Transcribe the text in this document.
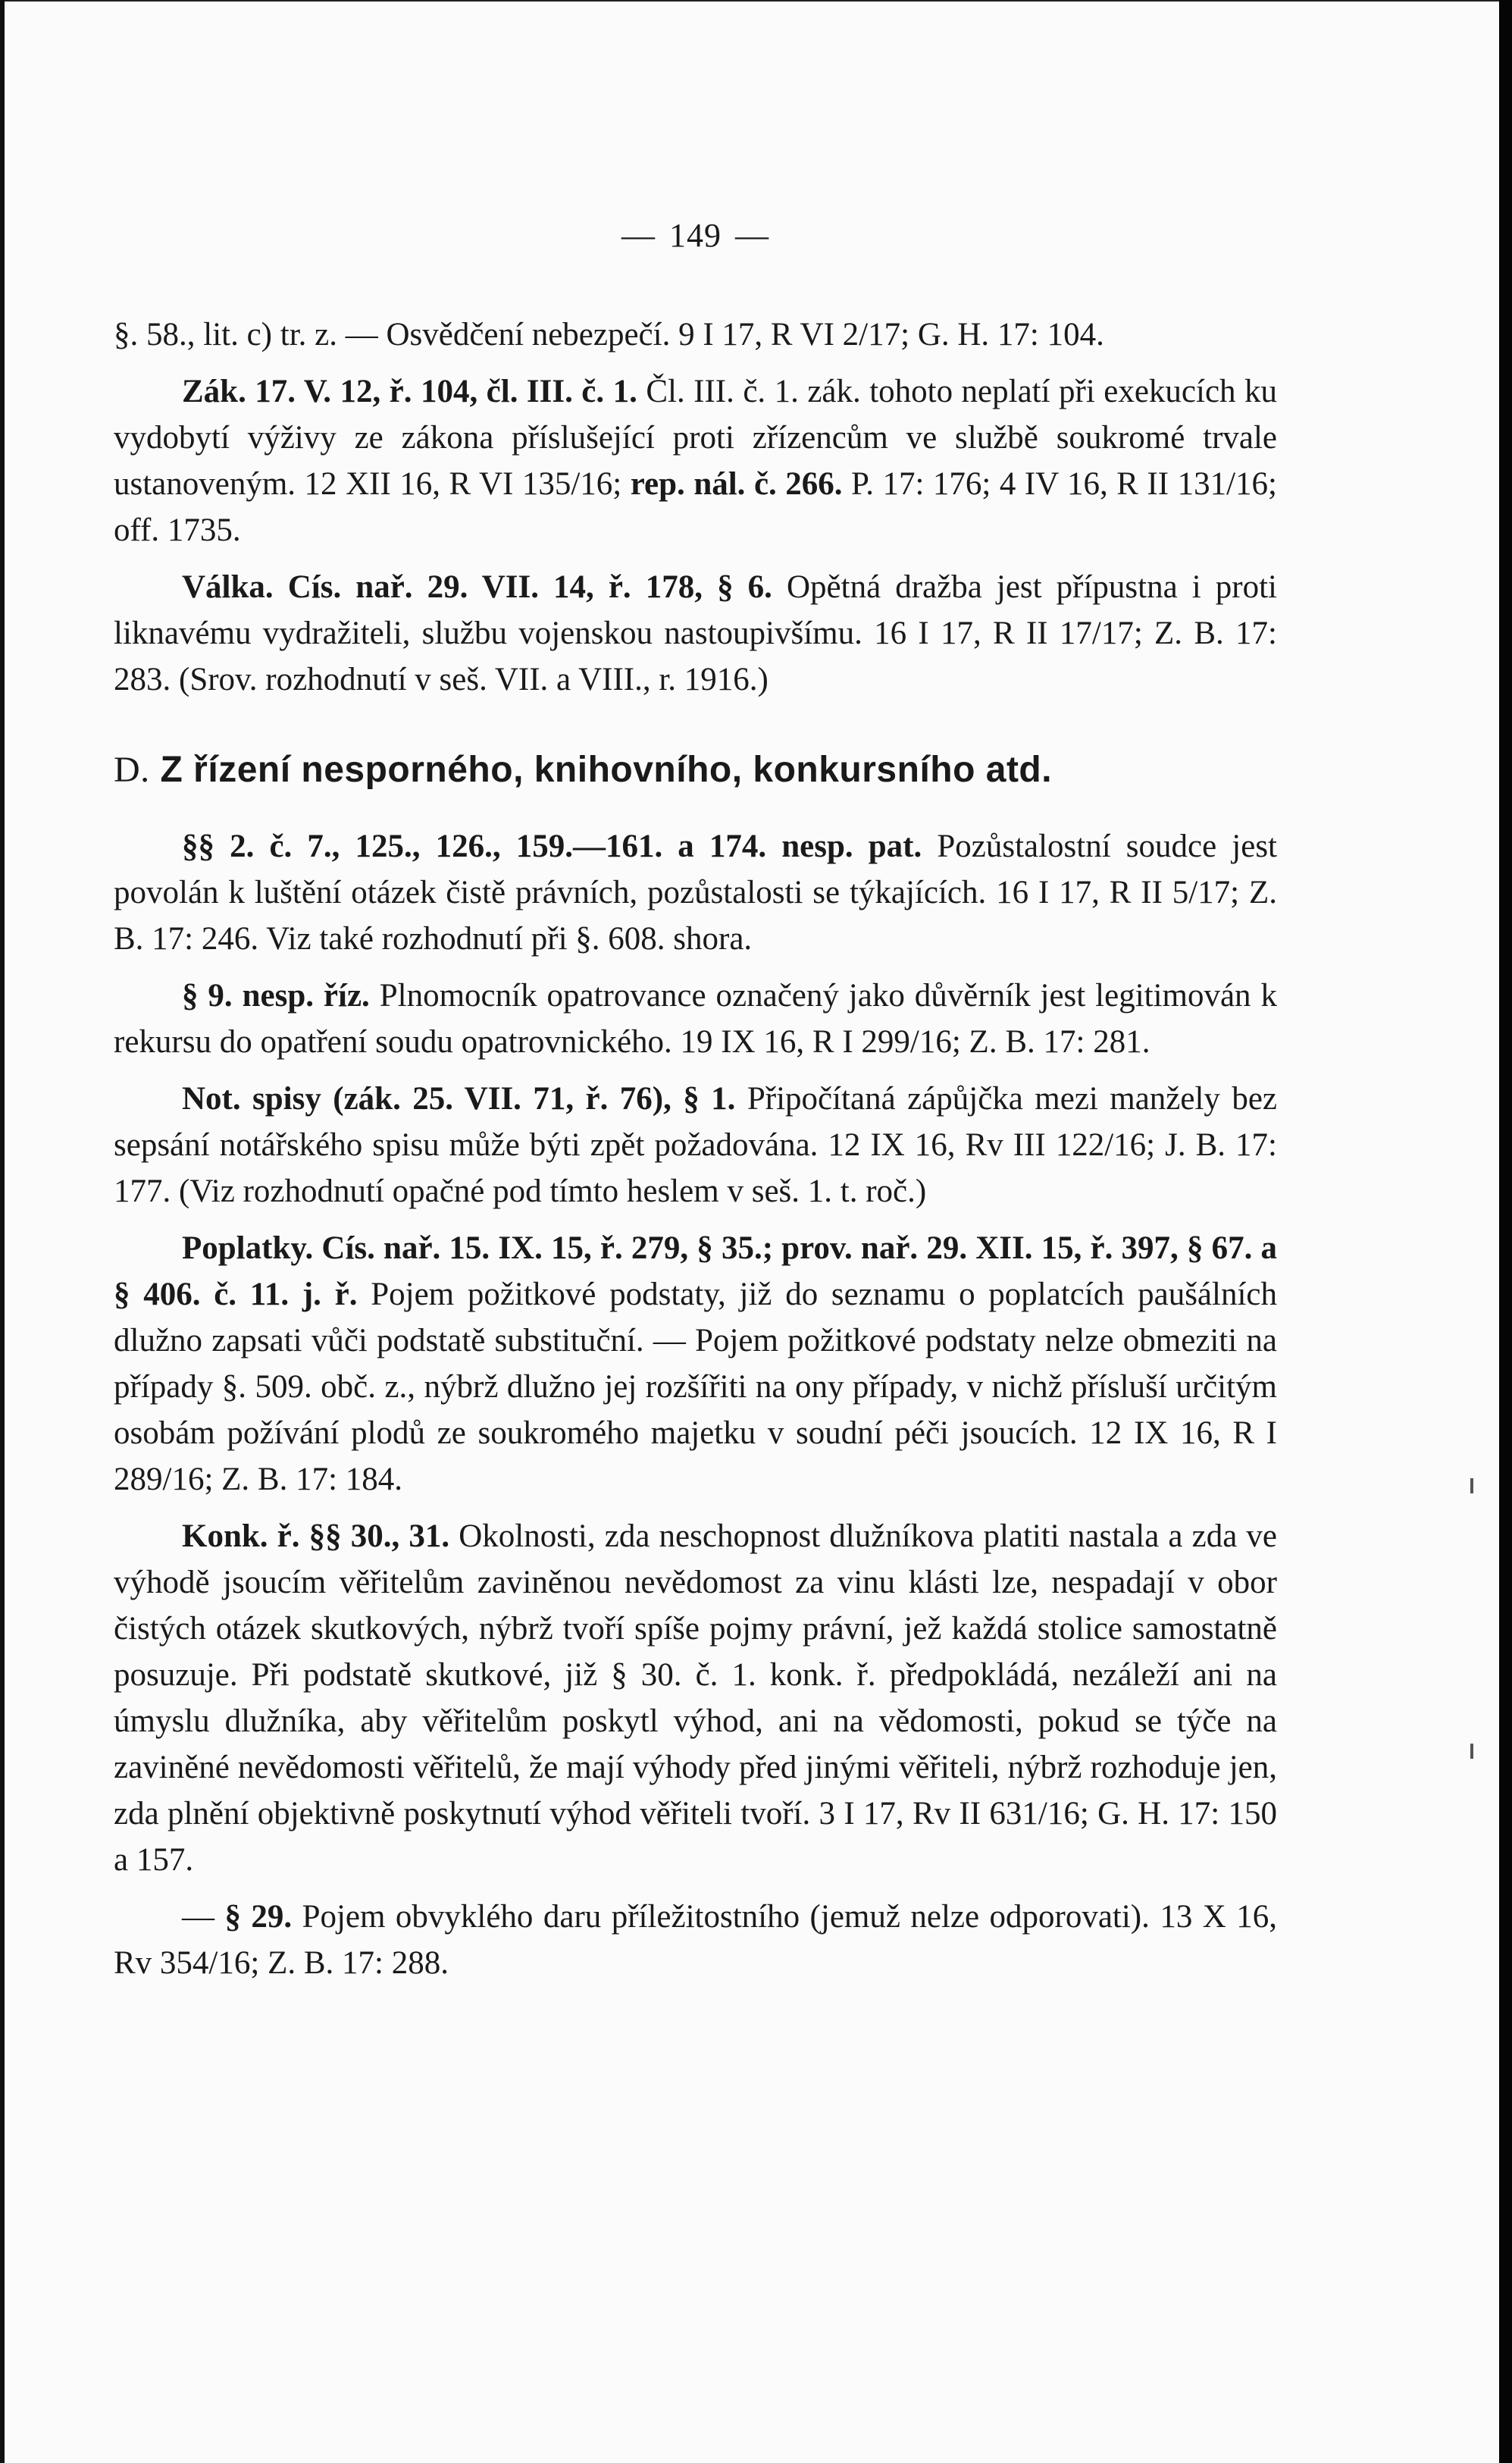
— 149 —

§. 58., lit. c) tr. z. — Osvědčení nebezpečí. 9 I 17, R VI 2/17; G. H. 17: 104.

Zák. 17. V. 12, ř. 104, čl. III. č. 1. Čl. III. č. 1. zák. tohoto neplatí při exekucích ku vydobytí výživy ze zákona příslušející proti zřízencům ve službě soukromé trvale ustanoveným. 12 XII 16, R VI 135/16; rep. nál. č. 266. P. 17: 176; 4 IV 16, R II 131/16; off. 1735.

Válka. Cís. nař. 29. VII. 14, ř. 178, § 6. Opětná dražba jest přípustna i proti liknavému vydražiteli, službu vojenskou nastoupivšímu. 16 I 17, R II 17/17; Z. B. 17: 283. (Srov. rozhodnutí v seš. VII. a VIII., r. 1916.)

D. Z řízení nesporného, knihovního, konkursního atd.

§§ 2. č. 7., 125., 126., 159.—161. a 174. nesp. pat. Pozůstalostní soudce jest povolán k luštění otázek čistě právních, pozůstalosti se týkajících. 16 I 17, R II 5/17; Z. B. 17: 246. Viz také rozhodnutí při §. 608. shora.

§ 9. nesp. říz. Plnomocník opatrovance označený jako důvěrník jest legitimován k rekursu do opatření soudu opatrovnického. 19 IX 16, R I 299/16; Z. B. 17: 281.

Not. spisy (zák. 25. VII. 71, ř. 76), § 1. Připočítaná zápůjčka mezi manžely bez sepsání notářského spisu může býti zpět požadována. 12 IX 16, Rv III 122/16; J. B. 17: 177. (Viz rozhodnutí opačné pod tímto heslem v seš. 1. t. roč.)

Poplatky. Cís. nař. 15. IX. 15, ř. 279, § 35.; prov. nař. 29. XII. 15, ř. 397, § 67. a § 406. č. 11. j. ř. Pojem požitkové podstaty, již do seznamu o poplatcích paušálních dlužno zapsati vůči podstatě substituční. — Pojem požitkové podstaty nelze obmeziti na případy §. 509. obč. z., nýbrž dlužno jej rozšířiti na ony případy, v nichž přísluší určitým osobám požívání plodů ze soukromého majetku v soudní péči jsoucích. 12 IX 16, R I 289/16; Z. B. 17: 184.

Konk. ř. §§ 30., 31. Okolnosti, zda neschopnost dlužníkova platiti nastala a zda ve výhodě jsoucím věřitelům zaviněnou nevědomost za vinu klásti lze, nespadají v obor čistých otázek skutkových, nýbrž tvoří spíše pojmy právní, jež každá stolice samostatně posuzuje. Při podstatě skutkové, již § 30. č. 1. konk. ř. předpokládá, nezáleží ani na úmyslu dlužníka, aby věřitelům poskytl výhod, ani na vědomosti, pokud se týče na zaviněné nevědomosti věřitelů, že mají výhody před jinými věřiteli, nýbrž rozhoduje jen, zda plnění objektivně poskytnutí výhod věřiteli tvoří. 3 I 17, Rv II 631/16; G. H. 17: 150 a 157.

— § 29. Pojem obvyklého daru příležitostního (jemuž nelze odporovati). 13 X 16, Rv 354/16; Z. B. 17: 288.
